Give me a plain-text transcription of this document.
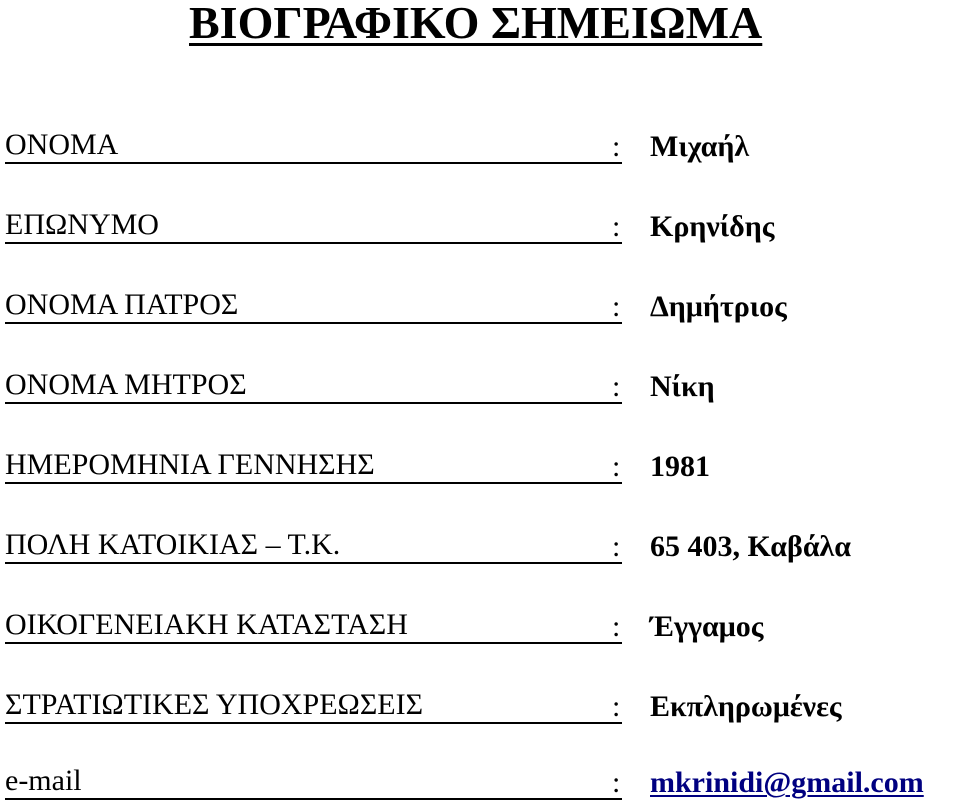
ΒΙΟΓΡΑΦΙΚΟ ΣΗΜΕΙΩΜΑ
ΟΝΟΜΑ	: Μιχαήλ
ΕΠΩΝΥΜΟ	: Κρηνίδης
ΟΝΟΜΑ ΠΑΤΡΟΣ	: Δημήτριος
ΟΝΟΜΑ ΜΗΤΡΟΣ	: Νίκη
ΗΜΕΡΟΜΗΝΙΑ ΓΕΝΝΗΣΗΣ	: 1981
ΠΟΛΗ ΚΑΤΟΙΚΙΑΣ – Τ.Κ.	: 65 403, Καβάλα
ΟΙΚΟΓΕΝΕΙΑΚΗ ΚΑΤΑΣΤΑΣΗ	: Έγγαμος
ΣΤΡΑΤΙΩΤΙΚΕΣ ΥΠΟΧΡΕΩΣΕΙΣ	: Εκπληρωμένες
e-mail	: mkrinidi@gmail.com
